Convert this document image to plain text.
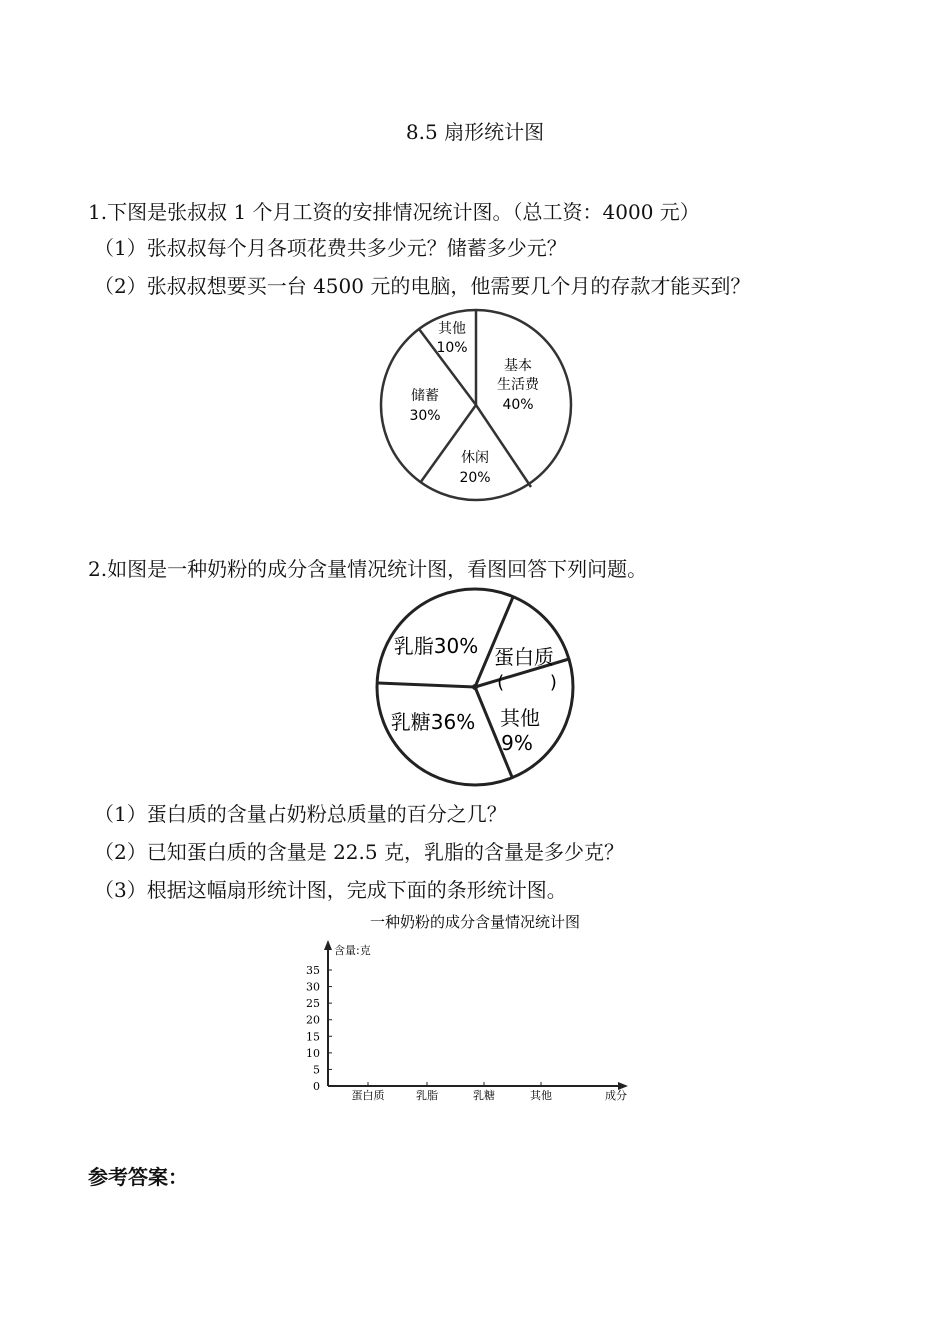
8.5 扇形统计图
1.下图是张叔叔 1 个月工资的安排情况统计图。（总工资：4000 元）
（1）张叔叔每个月各项花费共多少元？储蓄多少元？
（2）张叔叔想要买一台 4500 元的电脑，他需要几个月的存款才能买到？
基本
生活费
40%
休闲
20%
储蓄
30%
其他
10%
乳脂30% 蛋白质
(        )
其他
9%
乳糖36%
一种奶粉的成分含量情况统计图
含量:克
成分
0
5
10
15
20
25
30
35
蛋白质	乳脂	乳糖	其他
2.如图是一种奶粉的成分含量情况统计图，看图回答下列问题。
（1）蛋白质的含量占奶粉总质量的百分之几？
（2）已知蛋白质的含量是 22.5 克，乳脂的含量是多少克？
（3）根据这幅扇形统计图，完成下面的条形统计图。
参考答案：
